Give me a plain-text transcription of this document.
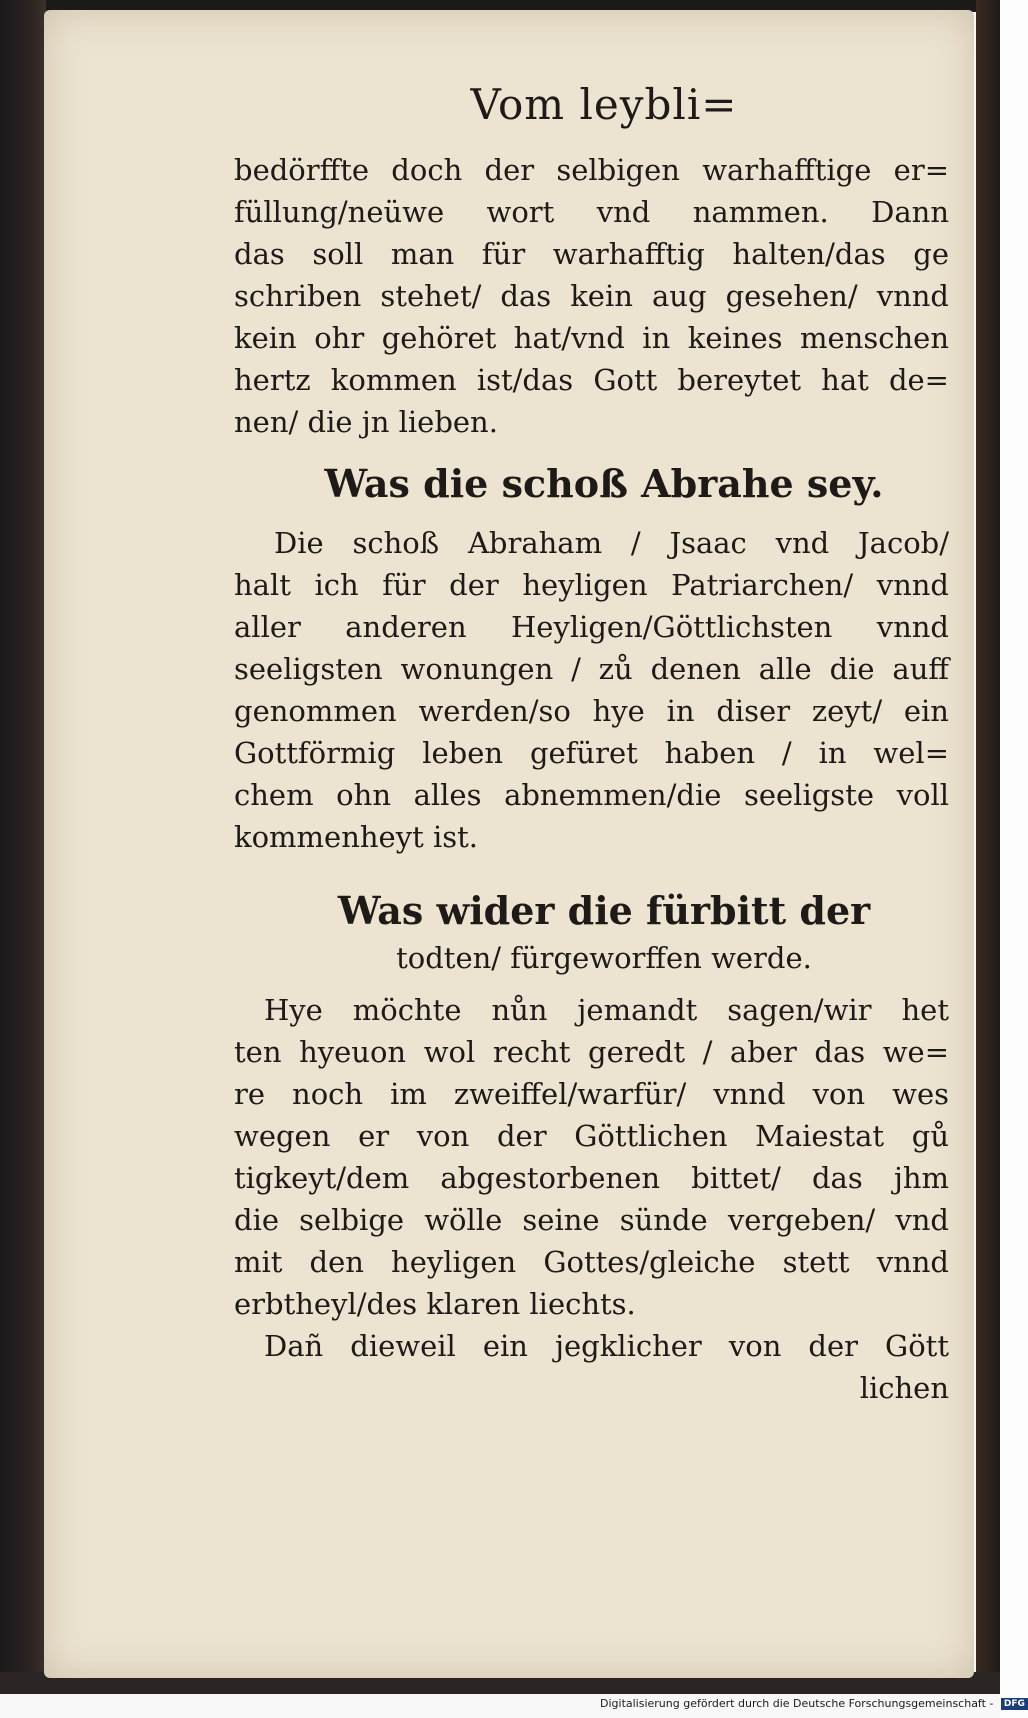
Vom leybli=
bedörffte doch der selbigen warhafftige er=
füllung/neüwe wort vnd nammen. Dann
das soll man für warhafftig halten/das ge
schriben stehet/ das kein aug gesehen/ vnnd
kein ohr gehöret hat/vnd in keines menschen
hertz kommen ist/das Gott bereytet hat de=
nen/ die jn lieben.
Was die schoß Abrahe sey.
Die schoß Abraham / Jsaac vnd Jacob/
halt ich für der heyligen Patriarchen/ vnnd
aller anderen Heyligen/Göttlichsten vnnd
seeligsten wonungen / zů denen alle die auff
genommen werden/so hye in diser zeyt/ ein
Gottförmig leben gefüret haben / in wel=
chem ohn alles abnemmen/die seeligste voll
kommenheyt ist.
Was wider die fürbitt der
todten/ fürgeworffen werde.
Hye möchte nůn jemandt sagen/wir het
ten hyeuon wol recht geredt / aber das we=
re noch im zweiffel/warfür/ vnnd von wes
wegen er von der Göttlichen Maiestat gů
tigkeyt/dem abgestorbenen bittet/ das jhm
die selbige wölle seine sünde vergeben/ vnd
mit den heyligen Gottes/gleiche stett vnnd
erbtheyl/des klaren liechts.
Dañ dieweil ein jegklicher von der Gött
lichen
Digitalisierung gefördert durch die Deutsche Forschungsgemeinschaft - DFG
